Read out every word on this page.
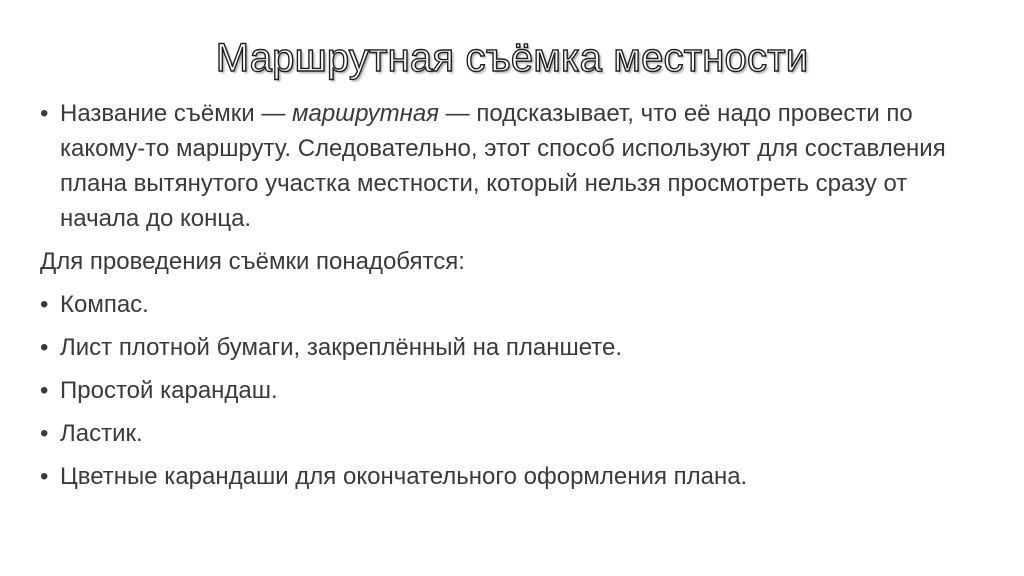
Маршрутная съёмка местности
• Название съёмки — маршрутная — подсказывает, что её надо провести по какому-то маршруту. Следовательно, этот способ используют для составления плана вытянутого участка местности, который нельзя просмотреть сразу от начала до конца.
Для проведения съёмки понадобятся:
• Компас.
• Лист плотной бумаги, закреплённый на планшете.
• Простой карандаш.
• Ластик.
• Цветные карандаши для окончательного оформления плана.
